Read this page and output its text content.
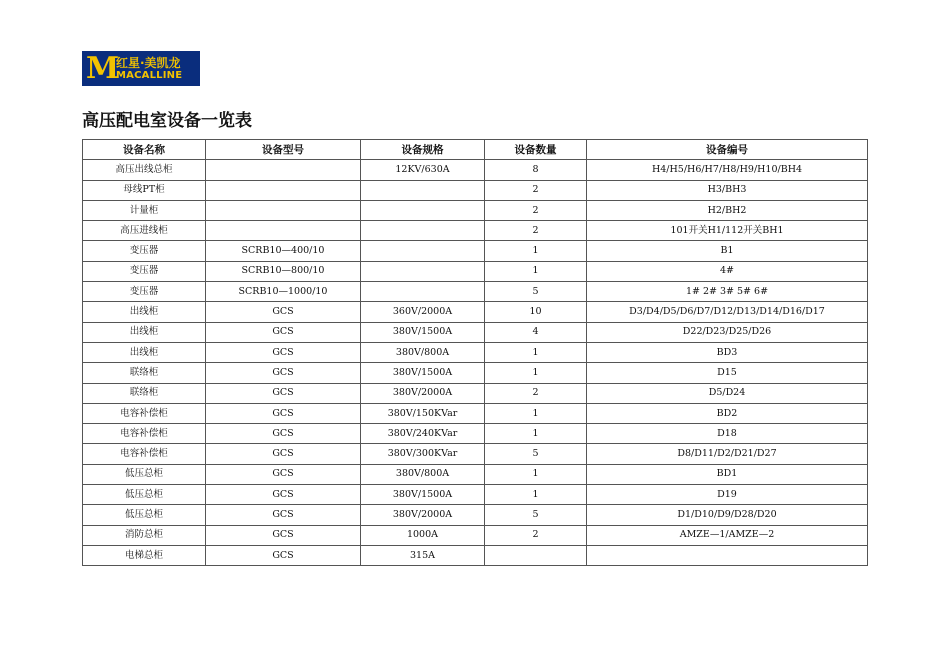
M
红星·美凯龙
MACALLINE
高压配电室设备一览表
设备名称	设备型号	设备规格	设备数量	设备编号
高压出线总柜		12KV/630A	8	H4/H5/H6/H7/H8/H9/H10/BH4
母线PT柜			2	H3/BH3
计量柜			2	H2/BH2
高压进线柜			2	101开关H1/112开关BH1
变压器	SCRB10—400/10		1	B1
变压器	SCRB10—800/10		1	4#
变压器	SCRB10—1000/10		5	1# 2# 3# 5# 6#
出线柜	GCS	360V/2000A	10	D3/D4/D5/D6/D7/D12/D13/D14/D16/D17
出线柜	GCS	380V/1500A	4	D22/D23/D25/D26
出线柜	GCS	380V/800A	1	BD3
联络柜	GCS	380V/1500A	1	D15
联络柜	GCS	380V/2000A	2	D5/D24
电容补偿柜	GCS	380V/150KVar	1	BD2
电容补偿柜	GCS	380V/240KVar	1	D18
电容补偿柜	GCS	380V/300KVar	5	D8/D11/D2/D21/D27
低压总柜	GCS	380V/800A	1	BD1
低压总柜	GCS	380V/1500A	1	D19
低压总柜	GCS	380V/2000A	5	D1/D10/D9/D28/D20
消防总柜	GCS	1000A	2	AMZE—1/AMZE—2
电梯总柜	GCS	315A		
